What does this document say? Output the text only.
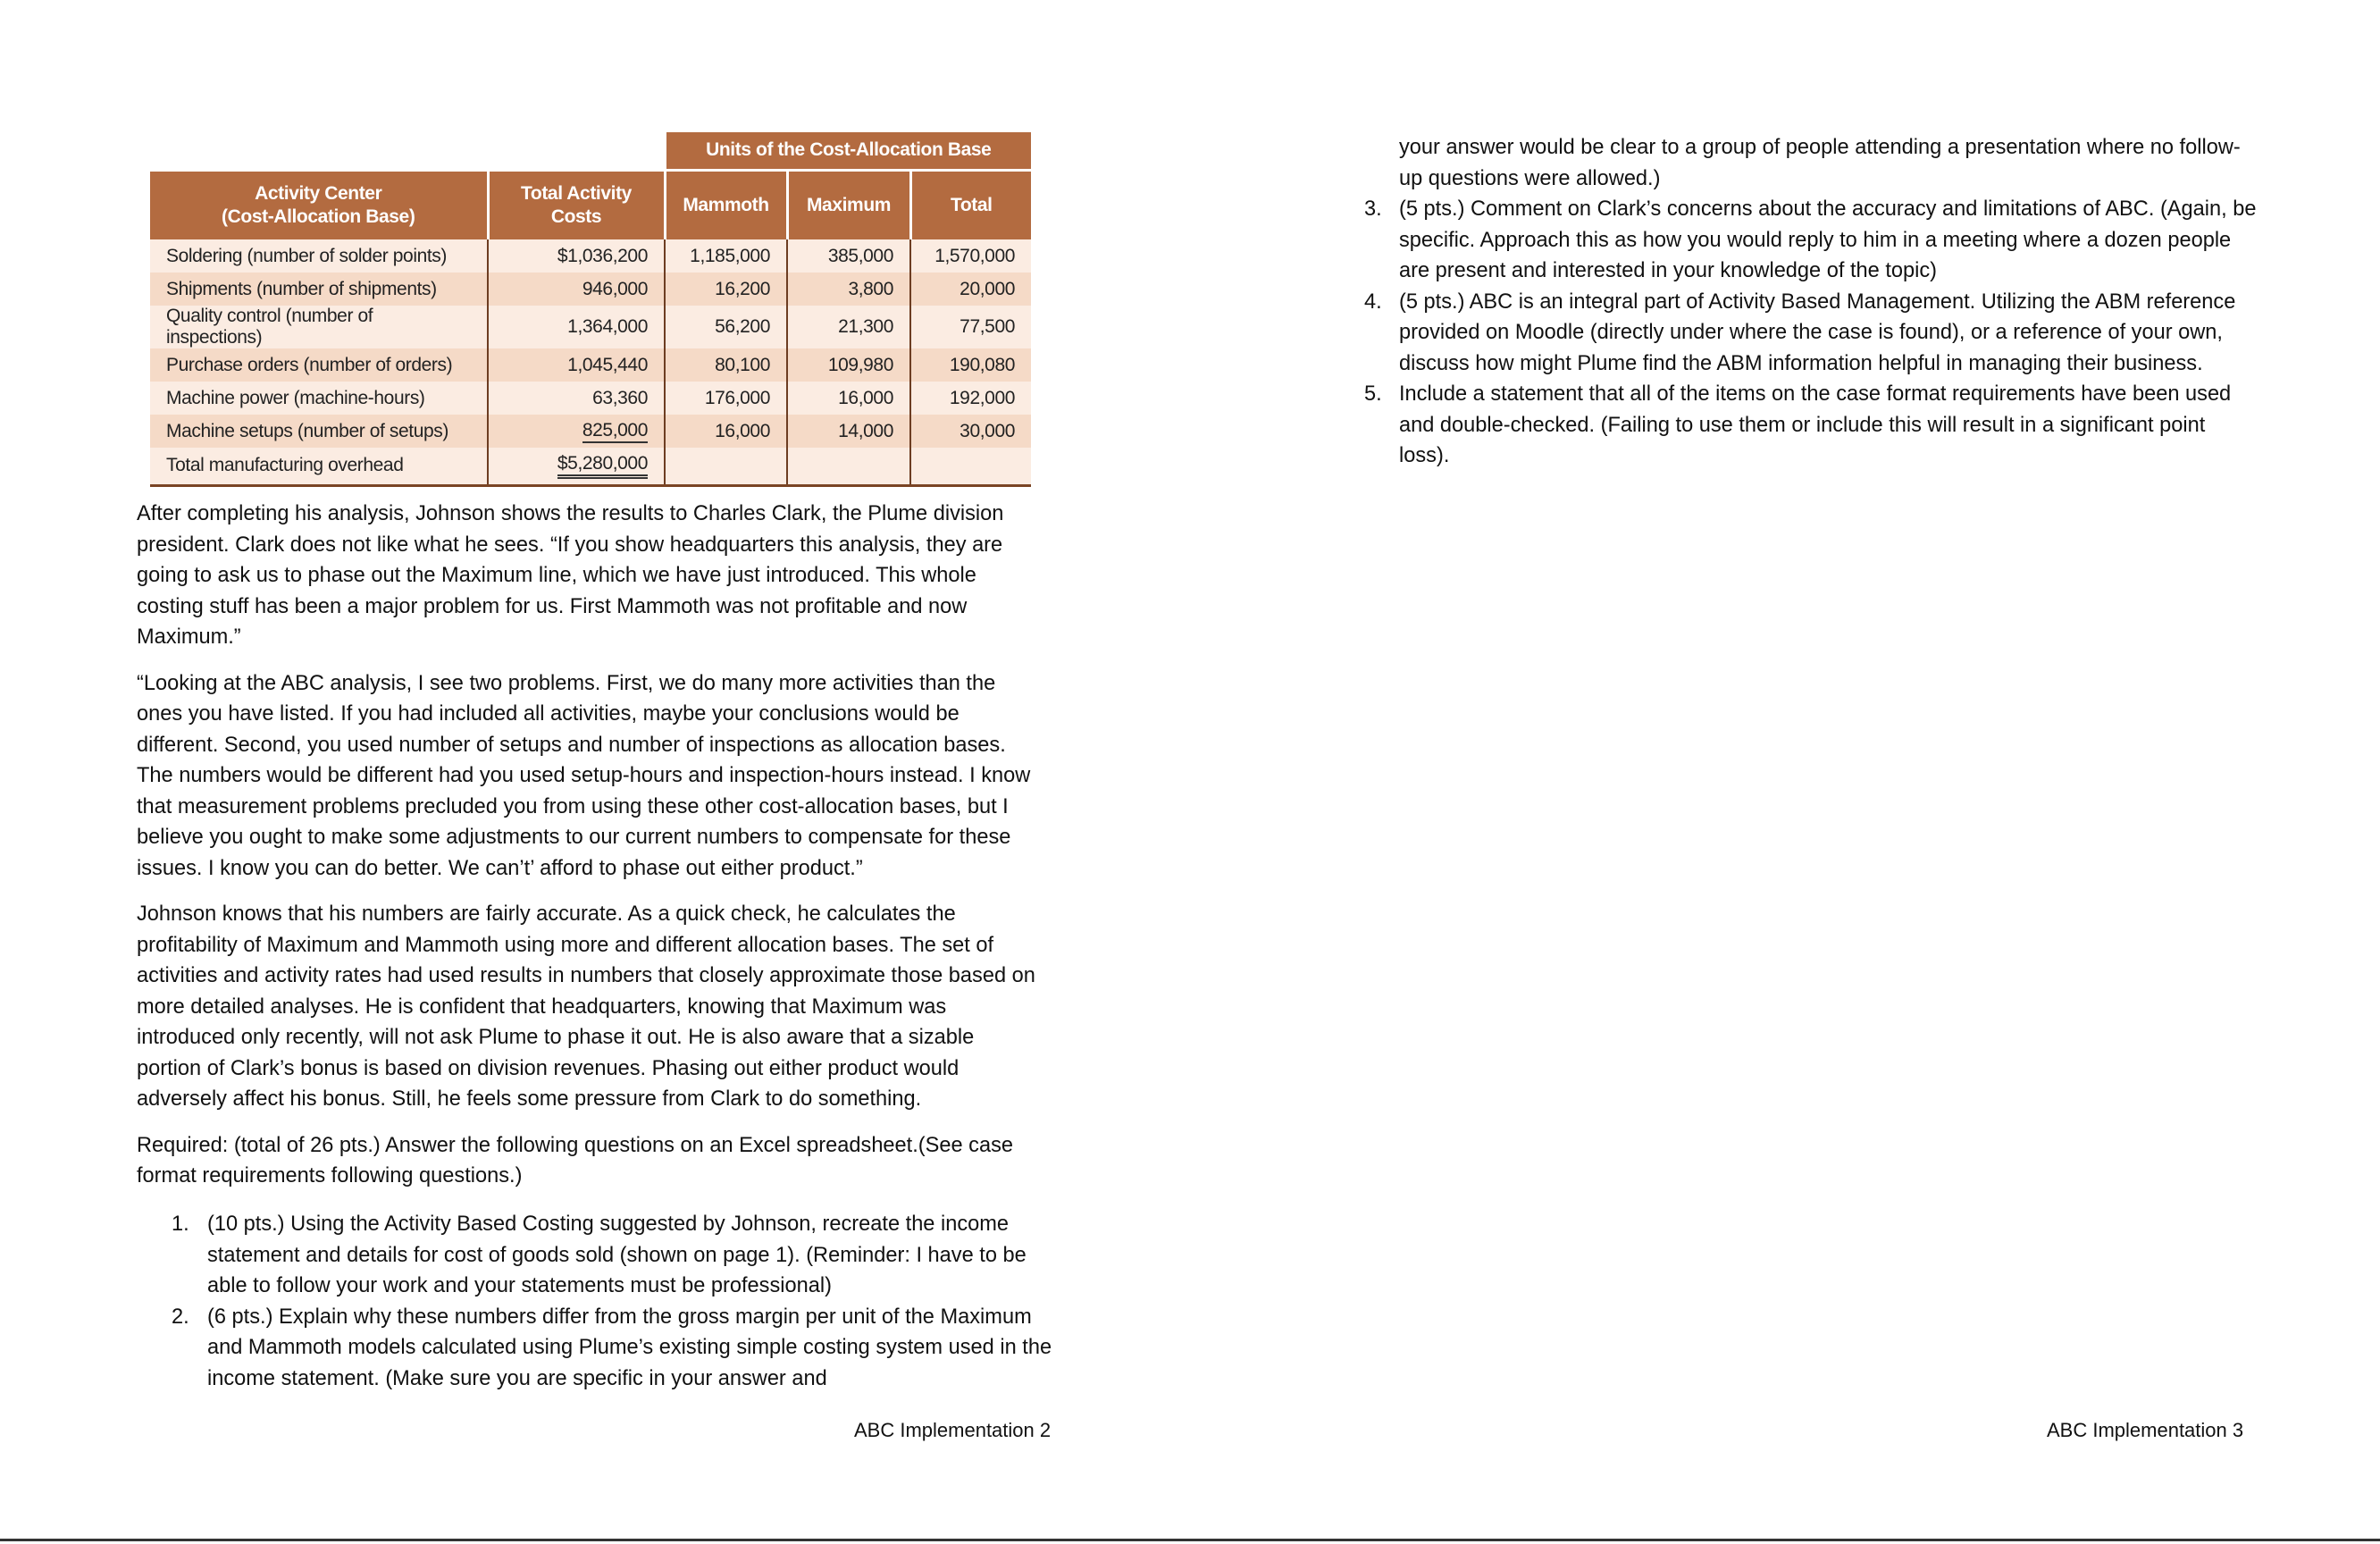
		Units of the Cost-Allocation Base		
Activity Center
(Cost-Allocation Base)	Total Activity
Costs	Mammoth	Maximum	Total
Soldering (number of solder points)	$1,036,200	1,185,000	385,000	1,570,000
Shipments (number of shipments)	946,000	16,200	3,800	20,000
Quality control (number of inspections)	1,364,000	56,200	21,300	77,500
Purchase orders (number of orders)	1,045,440	80,100	109,980	190,080
Machine power (machine-hours)	63,360	176,000	16,000	192,000
Machine setups (number of setups)	825,000	16,000	14,000	30,000
Total manufacturing overhead	$5,280,000			

After completing his analysis, Johnson shows the results to Charles Clark, the Plume division president. Clark does not like what he sees. “If you show headquarters this analysis, they are going to ask us to phase out the Maximum line, which we have just introduced. This whole costing stuff has been a major problem for us. First Mammoth was not profitable and now Maximum.”

“Looking at the ABC analysis, I see two problems. First, we do many more activities than the ones you have listed. If you had included all activities, maybe your conclusions would be different. Second, you used number of setups and number of inspections as allocation bases. The numbers would be different had you used setup-hours and inspection-hours instead. I know that measurement problems precluded you from using these other cost-allocation bases, but I believe you ought to make some adjustments to our current numbers to compensate for these issues. I know you can do better. We can’t’ afford to phase out either product.”

Johnson knows that his numbers are fairly accurate. As a quick check, he calculates the profitability of Maximum and Mammoth using more and different allocation bases. The set of activities and activity rates had used results in numbers that closely approximate those based on more detailed analyses. He is confident that headquarters, knowing that Maximum was introduced only recently, will not ask Plume to phase it out. He is also aware that a sizable portion of Clark’s bonus is based on division revenues. Phasing out either product would adversely affect his bonus. Still, he feels some pressure from Clark to do something.

Required: (total of 26 pts.) Answer the following questions on an Excel spreadsheet.(See case format requirements following questions.)

1. (10 pts.) Using the Activity Based Costing suggested by Johnson, recreate the income statement and details for cost of goods sold (shown on page 1). (Reminder: I have to be able to follow your work and your statements must be professional)
2. (6 pts.) Explain why these numbers differ from the gross margin per unit of the Maximum and Mammoth models calculated using Plume’s existing simple costing system used in the income statement. (Make sure you are specific in your answer and
ABC Implementation 2

your answer would be clear to a group of people attending a presentation where no follow-up questions were allowed.)

3. (5 pts.) Comment on Clark’s concerns about the accuracy and limitations of ABC. (Again, be specific. Approach this as how you would reply to him in a meeting where a dozen people are present and interested in your knowledge of the topic)
4. (5 pts.) ABC is an integral part of Activity Based Management. Utilizing the ABM reference provided on Moodle (directly under where the case is found), or a reference of your own, discuss how might Plume find the ABM information helpful in managing their business.
5. Include a statement that all of the items on the case format requirements have been used and double-checked. (Failing to use them or include this will result in a significant point loss).
ABC Implementation 3
